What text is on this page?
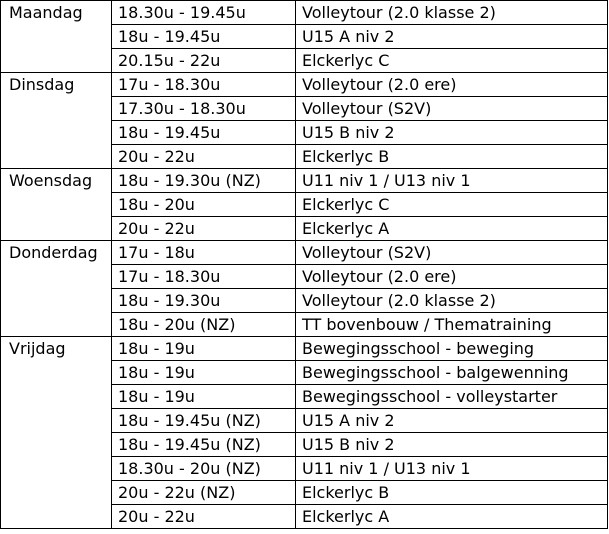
Maandag	18.30u - 19.45u	Volleytour (2.0 klasse 2)
	18u - 19.45u	U15 A niv 2
	20.15u - 22u	Elckerlyc C
Dinsdag	17u - 18.30u	Volleytour (2.0 ere)
	17.30u - 18.30u	Volleytour (S2V)
	18u - 19.45u	U15 B niv 2
	20u - 22u	Elckerlyc B
Woensdag	18u - 19.30u (NZ)	U11 niv 1 / U13 niv 1
	18u - 20u	Elckerlyc C
	20u - 22u	Elckerlyc A
Donderdag	17u - 18u	Volleytour (S2V)
	17u - 18.30u	Volleytour (2.0 ere)
	18u - 19.30u	Volleytour (2.0 klasse 2)
	18u - 20u (NZ)	TT bovenbouw / Thematraining
Vrijdag	18u - 19u	Bewegingsschool - beweging
	18u - 19u	Bewegingsschool - balgewenning
	18u - 19u	Bewegingsschool - volleystarter
	18u - 19.45u (NZ)	U15 A niv 2
	18u - 19.45u (NZ)	U15 B niv 2
	18.30u - 20u (NZ)	U11 niv 1 / U13 niv 1
	20u - 22u (NZ)	Elckerlyc B
	20u - 22u	Elckerlyc A
